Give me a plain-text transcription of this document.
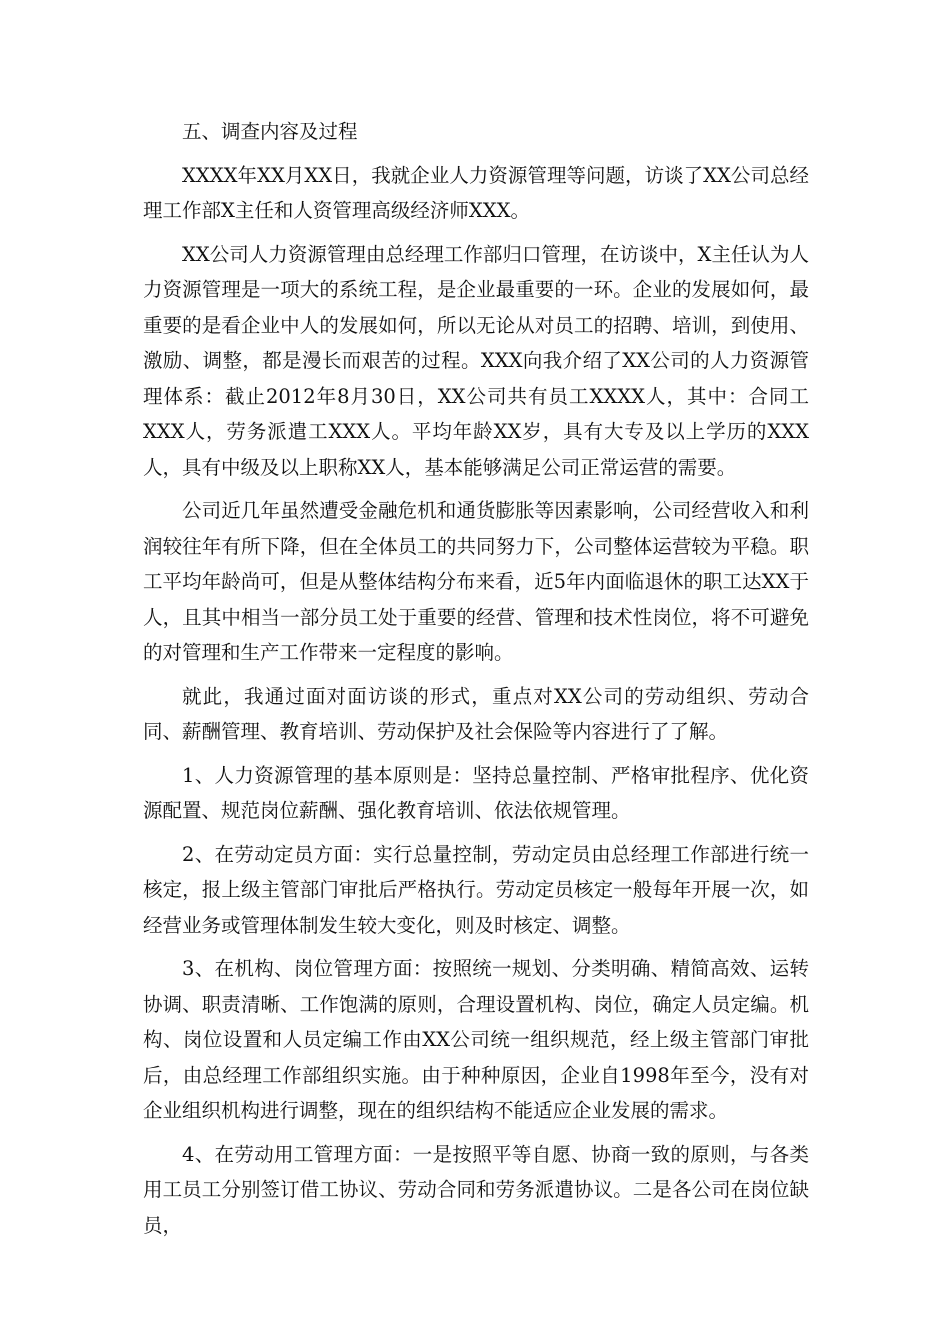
五、调查内容及过程

XXXX年XX月XX日，我就企业人力资源管理等问题，访谈了XX公司总经理工作部X主任和人资管理高级经济师XXX。

XX公司人力资源管理由总经理工作部归口管理，在访谈中，X主任认为人力资源管理是一项大的系统工程，是企业最重要的一环。企业的发展如何，最重要的是看企业中人的发展如何，所以无论从对员工的招聘、培训，到使用、激励、调整，都是漫长而艰苦的过程。XXX向我介绍了XX公司的人力资源管理体系：截止2012年8月30日，XX公司共有员工XXXX人，其中：合同工XXX人，劳务派遣工XXX人。平均年龄XX岁，具有大专及以上学历的XXX人，具有中级及以上职称XX人，基本能够满足公司正常运营的需要。

公司近几年虽然遭受金融危机和通货膨胀等因素影响，公司经营收入和利润较往年有所下降，但在全体员工的共同努力下，公司整体运营较为平稳。职工平均年龄尚可，但是从整体结构分布来看，近5年内面临退休的职工达XX于人，且其中相当一部分员工处于重要的经营、管理和技术性岗位，将不可避免的对管理和生产工作带来一定程度的影响。

就此，我通过面对面访谈的形式，重点对XX公司的劳动组织、劳动合同、薪酬管理、教育培训、劳动保护及社会保险等内容进行了了解。

1、人力资源管理的基本原则是：坚持总量控制、严格审批程序、优化资源配置、规范岗位薪酬、强化教育培训、依法依规管理。

2、在劳动定员方面：实行总量控制，劳动定员由总经理工作部进行统一核定，报上级主管部门审批后严格执行。劳动定员核定一般每年开展一次，如经营业务或管理体制发生较大变化，则及时核定、调整。

3、在机构、岗位管理方面：按照统一规划、分类明确、精简高效、运转协调、职责清晰、工作饱满的原则，合理设置机构、岗位，确定人员定编。机构、岗位设置和人员定编工作由XX公司统一组织规范，经上级主管部门审批后，由总经理工作部组织实施。由于种种原因，企业自1998年至今，没有对企业组织机构进行调整，现在的组织结构不能适应企业发展的需求。

4、在劳动用工管理方面：一是按照平等自愿、协商一致的原则，与各类用工员工分别签订借工协议、劳动合同和劳务派遣协议。二是各公司在岗位缺员，
